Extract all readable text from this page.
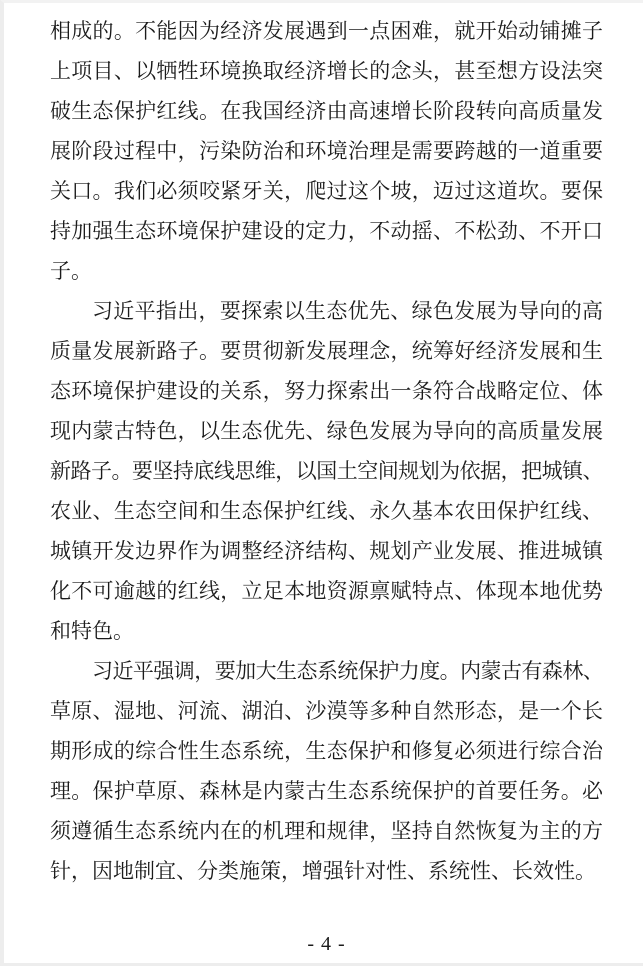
相成的。不能因为经济发展遇到一点困难，就开始动铺摊子
上项目、以牺牲环境换取经济增长的念头，甚至想方设法突
破生态保护红线。在我国经济由高速增长阶段转向高质量发
展阶段过程中，污染防治和环境治理是需要跨越的一道重要
关口。我们必须咬紧牙关，爬过这个坡，迈过这道坎。要保
持加强生态环境保护建设的定力，不动摇、不松劲、不开口
子。

习近平指出，要探索以生态优先、绿色发展为导向的高
质量发展新路子。要贯彻新发展理念，统筹好经济发展和生
态环境保护建设的关系，努力探索出一条符合战略定位、体
现内蒙古特色，以生态优先、绿色发展为导向的高质量发展
新路子。要坚持底线思维，以国土空间规划为依据，把城镇、
农业、生态空间和生态保护红线、永久基本农田保护红线、
城镇开发边界作为调整经济结构、规划产业发展、推进城镇
化不可逾越的红线，立足本地资源禀赋特点、体现本地优势
和特色。

习近平强调，要加大生态系统保护力度。内蒙古有森林、
草原、湿地、河流、湖泊、沙漠等多种自然形态，是一个长
期形成的综合性生态系统，生态保护和修复必须进行综合治
理。保护草原、森林是内蒙古生态系统保护的首要任务。必
须遵循生态系统内在的机理和规律，坚持自然恢复为主的方
针，因地制宜、分类施策，增强针对性、系统性、长效性。

- 4 -
